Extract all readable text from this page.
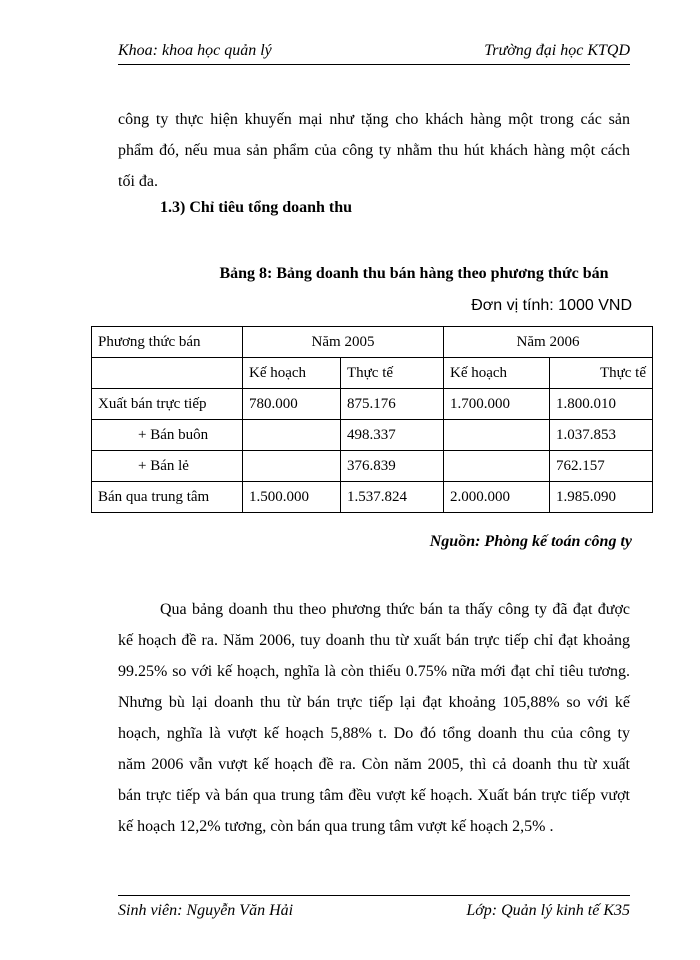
Khoa: khoa học quản lý	Trường đại học KTQD
công ty thực hiện khuyến mại như tặng cho khách hàng một trong các sản
phẩm đó, nếu mua sản phẩm của công ty nhằm thu hút khách hàng một cách
tối đa.
1.3) Chỉ tiêu tổng doanh thu
Bảng 8: Bảng doanh thu bán hàng theo phương thức bán
Đơn vị tính: 1000 VND
Phương thức bán	Năm 2005		Năm 2006	
	Kế hoạch	Thực tế	Kế hoạch	Thực tế
Xuất bán trực tiếp	780.000	875.176	1.700.000	1.800.010
+ Bán buôn		498.337		1.037.853
+ Bán lẻ		376.839		762.157
Bán qua trung tâm	1.500.000	1.537.824	2.000.000	1.985.090
Nguồn: Phòng kế toán công ty
Qua bảng doanh thu theo phương thức bán ta thấy công ty đã đạt được
kế hoạch đề ra. Năm 2006, tuy doanh thu từ xuất bán trực tiếp chỉ đạt khoảng
99.25% so với kế hoạch, nghĩa là còn thiếu 0.75% nữa mới đạt chỉ tiêu tương.
Nhưng bù lại doanh thu từ bán trực tiếp lại đạt khoảng 105,88% so với kế
hoạch, nghĩa là vượt kế hoạch 5,88% t. Do đó tổng doanh thu của công ty
năm 2006 vẫn vượt kế hoạch đề ra. Còn năm 2005, thì cả doanh thu từ xuất
bán trực tiếp và bán qua trung tâm đều vượt kế hoạch. Xuất bán trực tiếp vượt
kế hoạch 12,2% tương, còn bán qua trung tâm vượt kế hoạch 2,5% .
Sinh viên: Nguyễn Văn Hải	Lớp: Quản lý kinh tế K35
